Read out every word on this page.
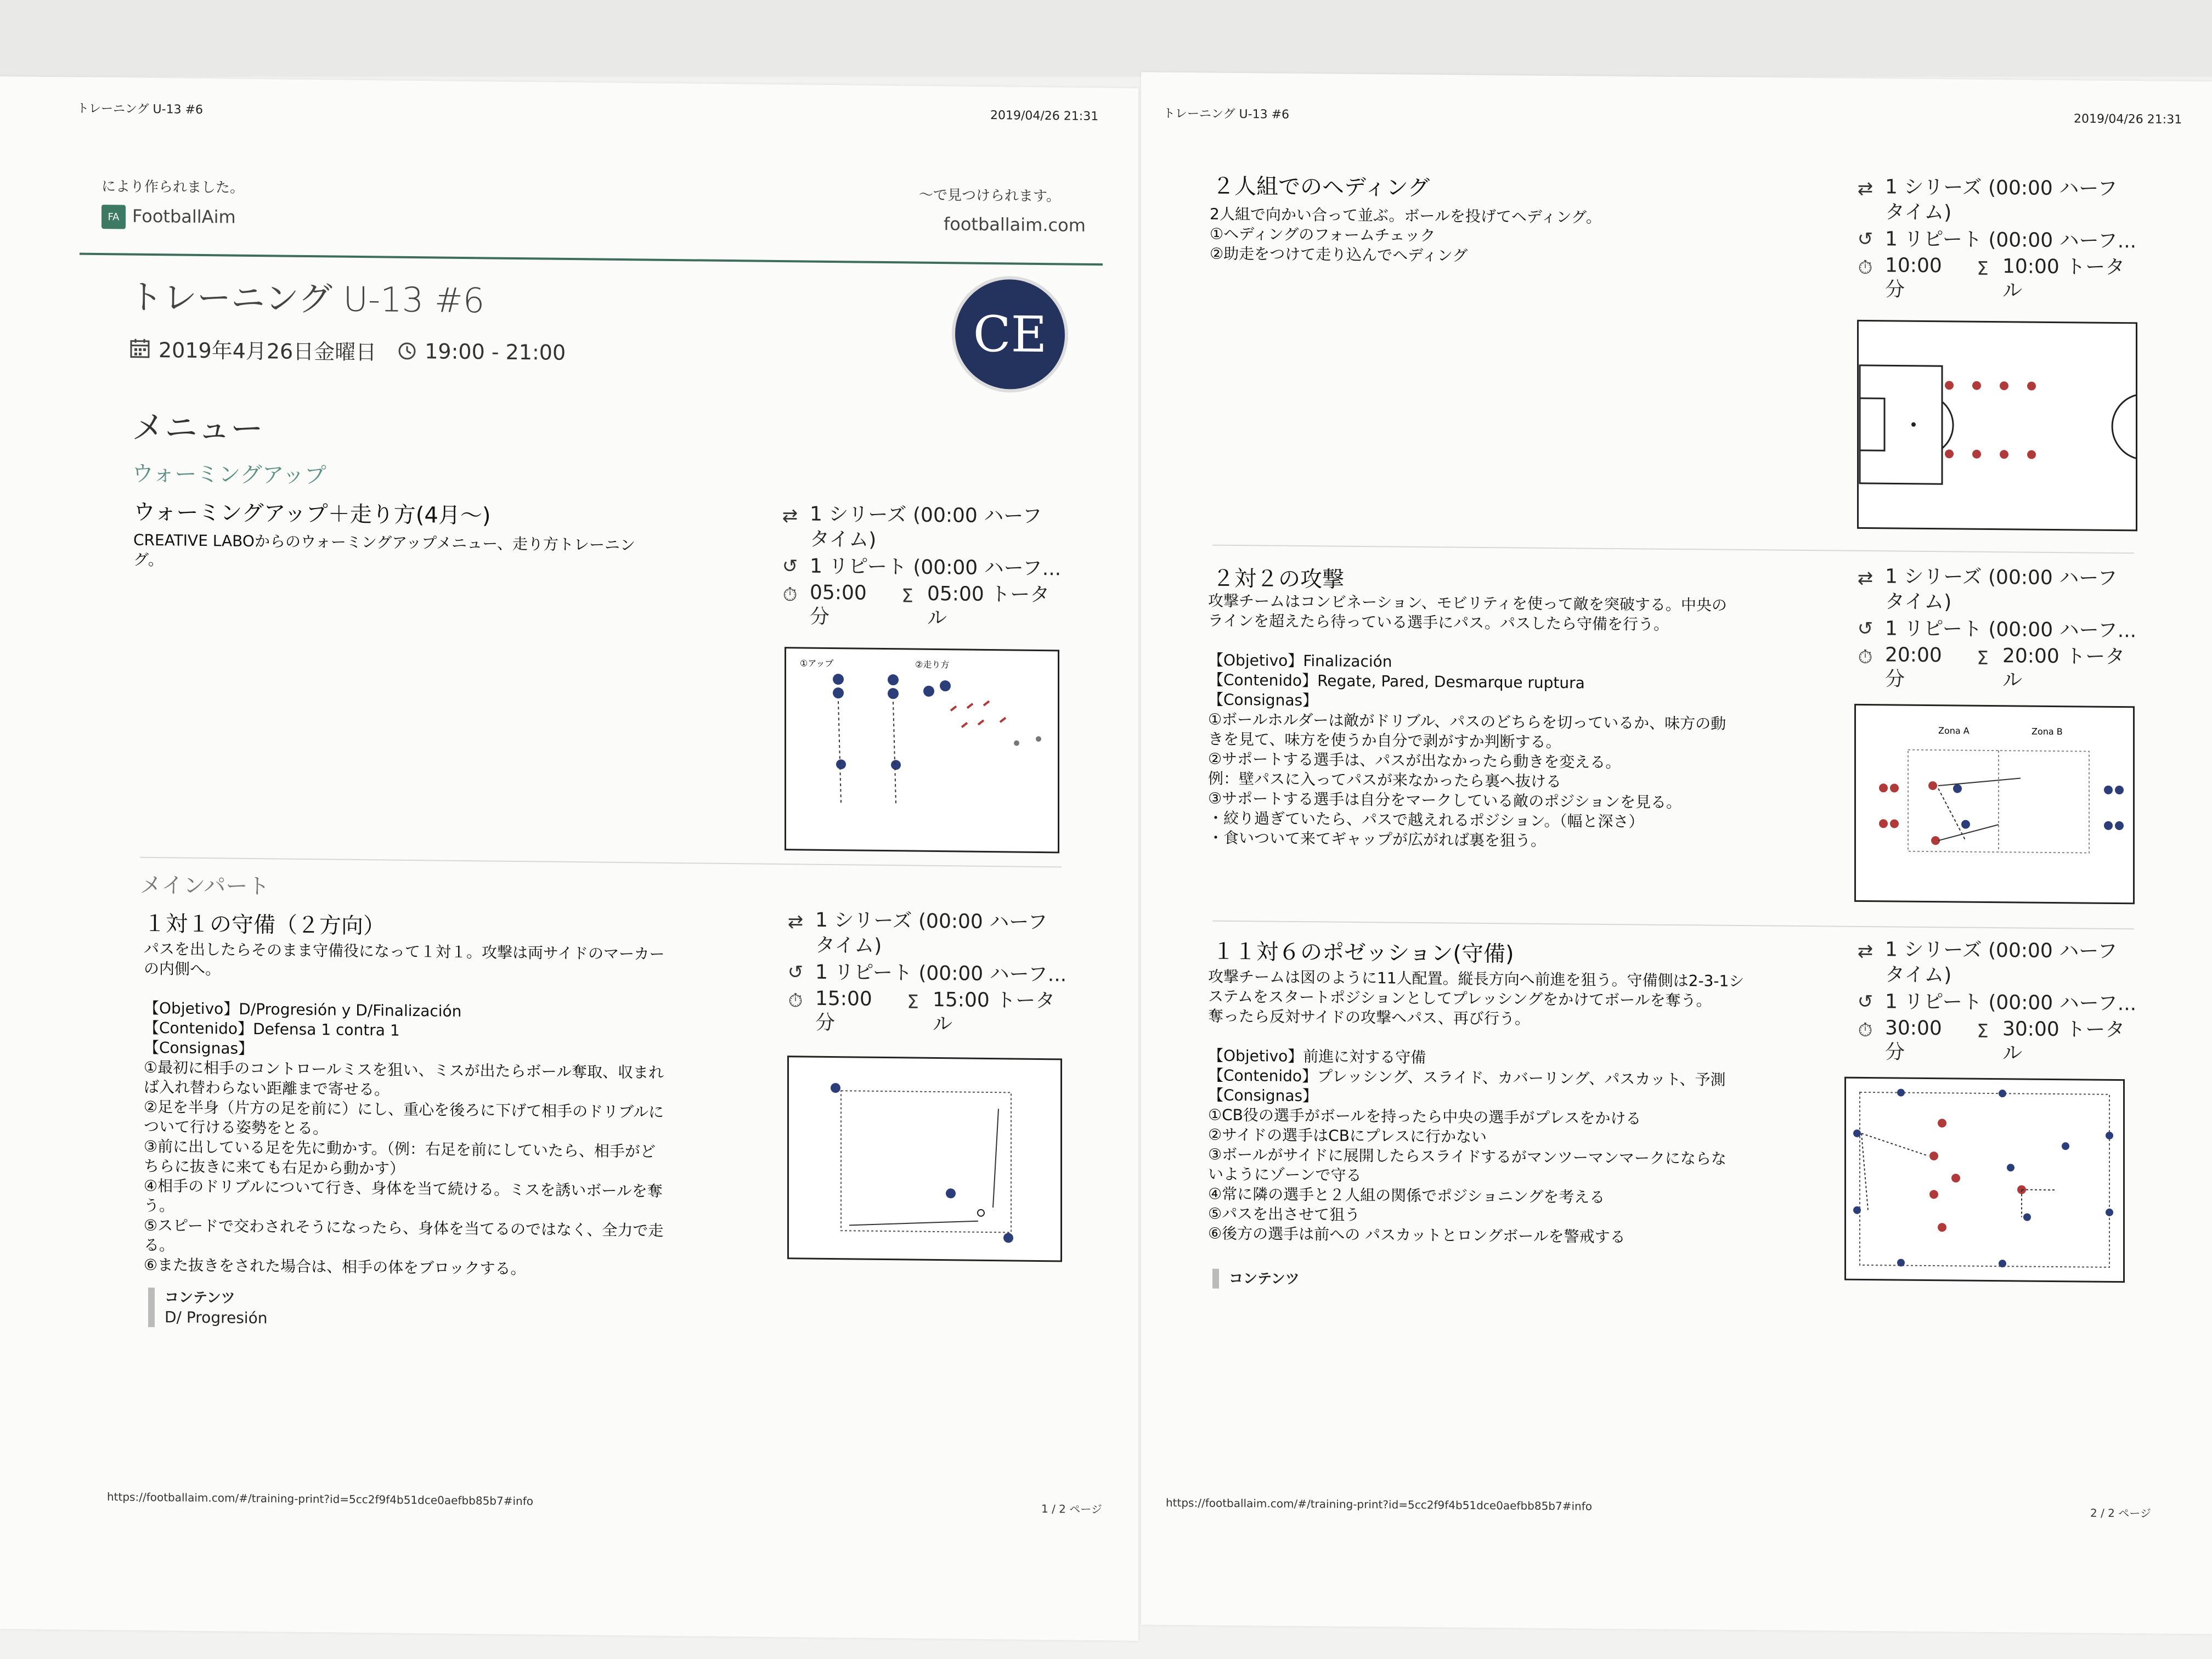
トレーニング U-13 #6	2019/04/26 21:31
により作られました。
FA FootballAim
～で見つけられます。
footballaim.com
トレーニング U-13 #6
2019年4月26日金曜日 19:00 - 21:00	CE
メニュー
ウォーミングアップ
ウォーミングアップ＋走り方(4月〜)
CREATIVE LABOからのウォーミングアップメニュー、走り方トレーニン
グ。
⇄ 1 シリーズ (00:00 ハーフ
タイム)
↺ 1 リピート (00:00 ハーフ...
⏱ 05:00
分
Σ 05:00 トータ
ル
①アップ	②走り方
メインパート
１対１の守備（２方向）
パスを出したらそのまま守備役になって１対１。攻撃は両サイドのマーカー
の内側へ。

【Objetivo】D/Progresión y D/Finalización
【Contenido】Defensa 1 contra 1
【Consignas】
①最初に相手のコントロールミスを狙い、ミスが出たらボール奪取、収まれ
ば入れ替わらない距離まで寄せる。
②足を半身（片方の足を前に）にし、重心を後ろに下げて相手のドリブルに
ついて行ける姿勢をとる。
③前に出している足を先に動かす。（例：右足を前にしていたら、相手がど
ちらに抜きに来ても右足から動かす）
④相手のドリブルについて行き、身体を当て続ける。ミスを誘いボールを奪
う。
⑤スピードで交わされそうになったら、身体を当てるのではなく、全力で走
る。
⑥また抜きをされた場合は、相手の体をブロックする。
⇄ 1 シリーズ (00:00 ハーフ
タイム)
↺ 1 リピート (00:00 ハーフ...
⏱ 15:00
分
Σ 15:00 トータ
ル
コンテンツ
D/ Progresión
https://footballaim.com/#/training-print?id=5cc2f9f4b51dce0aefbb85b7#info
1 / 2 ページ
トレーニング U-13 #6	2019/04/26 21:31
２人組でのヘディング
2人組で向かい合って並ぶ。ボールを投げてヘディング。
①ヘディングのフォームチェック
②助走をつけて走り込んでヘディング
⇄ 1 シリーズ (00:00 ハーフ
タイム)
↺ 1 リピート (00:00 ハーフ...
⏱ 10:00
分
Σ 10:00 トータ
ル
２対２の攻撃
攻撃チームはコンビネーション、モビリティを使って敵を突破する。中央の
ラインを超えたら待っている選手にパス。パスしたら守備を行う。

【Objetivo】Finalización
【Contenido】Regate, Pared, Desmarque ruptura
【Consignas】
①ボールホルダーは敵がドリブル、パスのどちらを切っているか、味方の動
きを見て、味方を使うか自分で剥がすか判断する。
②サポートする選手は、パスが出なかったら動きを変える。
例：壁パスに入ってパスが来なかったら裏へ抜ける
③サポートする選手は自分をマークしている敵のポジションを見る。
・絞り過ぎていたら、パスで越えれるポジション。（幅と深さ）
・食いついて来てギャップが広がれば裏を狙う。
⇄ 1 シリーズ (00:00 ハーフ
タイム)
↺ 1 リピート (00:00 ハーフ...
⏱ 20:00
分
Σ 20:00 トータ
ル
Zona A	Zona B
１１対６のポゼッション(守備)
攻撃チームは図のように11人配置。縦長方向へ前進を狙う。守備側は2-3-1シ
ステムをスタートポジションとしてプレッシングをかけてボールを奪う。
奪ったら反対サイドの攻撃へパス、再び行う。

【Objetivo】前進に対する守備
【Contenido】プレッシング、スライド、カバーリング、パスカット、予測
【Consignas】
①CB役の選手がボールを持ったら中央の選手がプレスをかける
②サイドの選手はCBにプレスに行かない
③ボールがサイドに展開したらスライドするがマンツーマンマークにならな
いようにゾーンで守る
④常に隣の選手と２人組の関係でポジショニングを考える
⑤パスを出させて狙う
⑥後方の選手は前への パスカットとロングボールを警戒する
⇄ 1 シリーズ (00:00 ハーフ
タイム)
↺ 1 リピート (00:00 ハーフ...
⏱ 30:00
分
Σ 30:00 トータ
ル
コンテンツ
https://footballaim.com/#/training-print?id=5cc2f9f4b51dce0aefbb85b7#info
2 / 2 ページ
